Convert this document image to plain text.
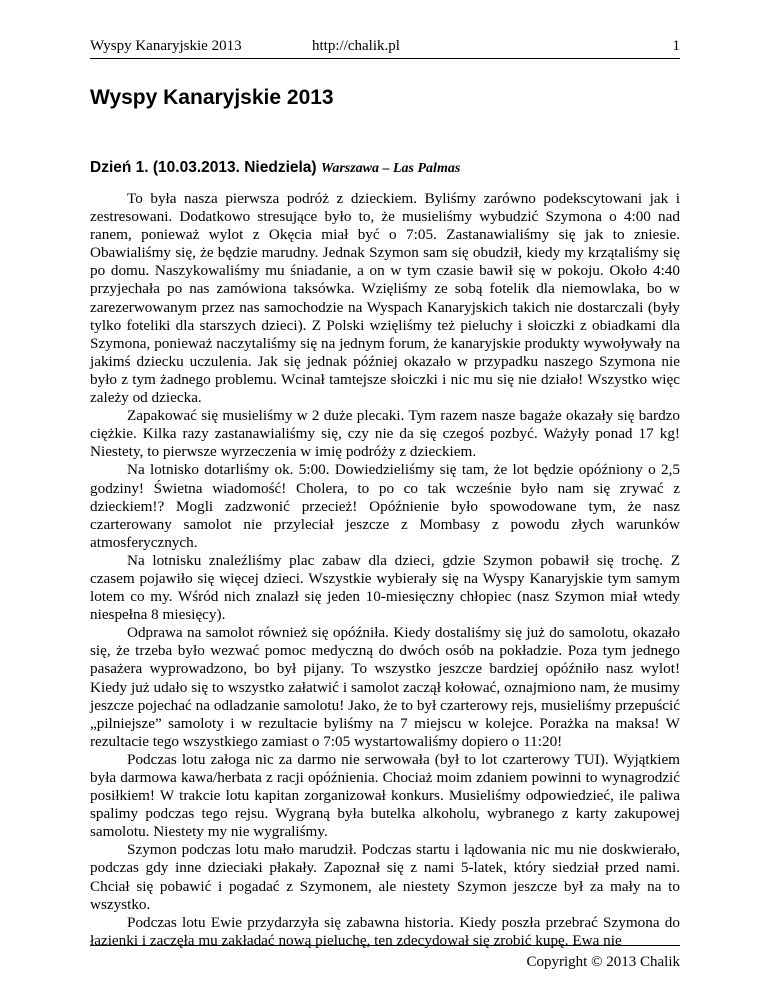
Wyspy Kanaryjskie 2013	http://chalik.pl	1
Wyspy Kanaryjskie 2013
Dzień 1. (10.03.2013. Niedziela) Warszawa – Las Palmas

To była nasza pierwsza podróż z dzieckiem. Byliśmy zarówno podekscytowani jak i zestresowani. Dodatkowo stresujące było to, że musieliśmy wybudzić Szymona o 4:00 nad ranem, ponieważ wylot z Okęcia miał być o 7:05. Zastanawialiśmy się jak to zniesie. Obawialiśmy się, że będzie marudny. Jednak Szymon sam się obudził, kiedy my krzątaliśmy się po domu. Naszykowaliśmy mu śniadanie, a on w tym czasie bawił się w pokoju. Około 4:40 przyjechała po nas zamówiona taksówka. Wzięliśmy ze sobą fotelik dla niemowlaka, bo w zarezerwowanym przez nas samochodzie na Wyspach Kanaryjskich takich nie dostarczali (były tylko foteliki dla starszych dzieci). Z Polski wzięliśmy też pieluchy i słoiczki z obiadkami dla Szymona, ponieważ naczytaliśmy się na jednym forum, że kanaryjskie produkty wywoływały na jakimś dziecku uczulenia. Jak się jednak później okazało w przypadku naszego Szymona nie było z tym żadnego problemu. Wcinał tamtejsze słoiczki i nic mu się nie działo! Wszystko więc zależy od dziecka.

Zapakować się musieliśmy w 2 duże plecaki. Tym razem nasze bagaże okazały się bardzo ciężkie. Kilka razy zastanawialiśmy się, czy nie da się czegoś pozbyć. Ważyły ponad 17 kg! Niestety, to pierwsze wyrzeczenia w imię podróży z dzieckiem.

Na lotnisko dotarliśmy ok. 5:00. Dowiedzieliśmy się tam, że lot będzie opóźniony o 2,5 godziny! Świetna wiadomość! Cholera, to po co tak wcześnie było nam się zrywać z dzieckiem!? Mogli zadzwonić przecież! Opóźnienie było spowodowane tym, że nasz czarterowany samolot nie przyleciał jeszcze z Mombasy z powodu złych warunków atmosferycznych.

Na lotnisku znaleźliśmy plac zabaw dla dzieci, gdzie Szymon pobawił się trochę. Z czasem pojawiło się więcej dzieci. Wszystkie wybierały się na Wyspy Kanaryjskie tym samym lotem co my. Wśród nich znalazł się jeden 10-miesięczny chłopiec (nasz Szymon miał wtedy niespełna 8 miesięcy).

Odprawa na samolot również się opóźniła. Kiedy dostaliśmy się już do samolotu, okazało się, że trzeba było wezwać pomoc medyczną do dwóch osób na pokładzie. Poza tym jednego pasażera wyprowadzono, bo był pijany. To wszystko jeszcze bardziej opóźniło nasz wylot! Kiedy już udało się to wszystko załatwić i samolot zaczął kołować, oznajmiono nam, że musimy jeszcze pojechać na odladzanie samolotu! Jako, że to był czarterowy rejs, musieliśmy przepuścić „pilniejsze” samoloty i w rezultacie byliśmy na 7 miejscu w kolejce. Porażka na maksa! W rezultacie tego wszystkiego zamiast o 7:05 wystartowaliśmy dopiero o 11:20!

Podczas lotu załoga nic za darmo nie serwowała (był to lot czarterowy TUI). Wyjątkiem była darmowa kawa/herbata z racji opóźnienia. Chociaż moim zdaniem powinni to wynagrodzić posiłkiem! W trakcie lotu kapitan zorganizował konkurs. Musieliśmy odpowiedzieć, ile paliwa spalimy podczas tego rejsu. Wygraną była butelka alkoholu, wybranego z karty zakupowej samolotu. Niestety my nie wygraliśmy.

Szymon podczas lotu mało marudził. Podczas startu i lądowania nic mu nie doskwierało, podczas gdy inne dzieciaki płakały. Zapoznał się z nami 5-latek, który siedział przed nami. Chciał się pobawić i pogadać z Szymonem, ale niestety Szymon jeszcze był za mały na to wszystko.

Podczas lotu Ewie przydarzyła się zabawna historia. Kiedy poszła przebrać Szymona do łazienki i zaczęła mu zakładać nową pieluchę, ten zdecydował się zrobić kupę. Ewa nie

Copyright © 2013 Chalik
